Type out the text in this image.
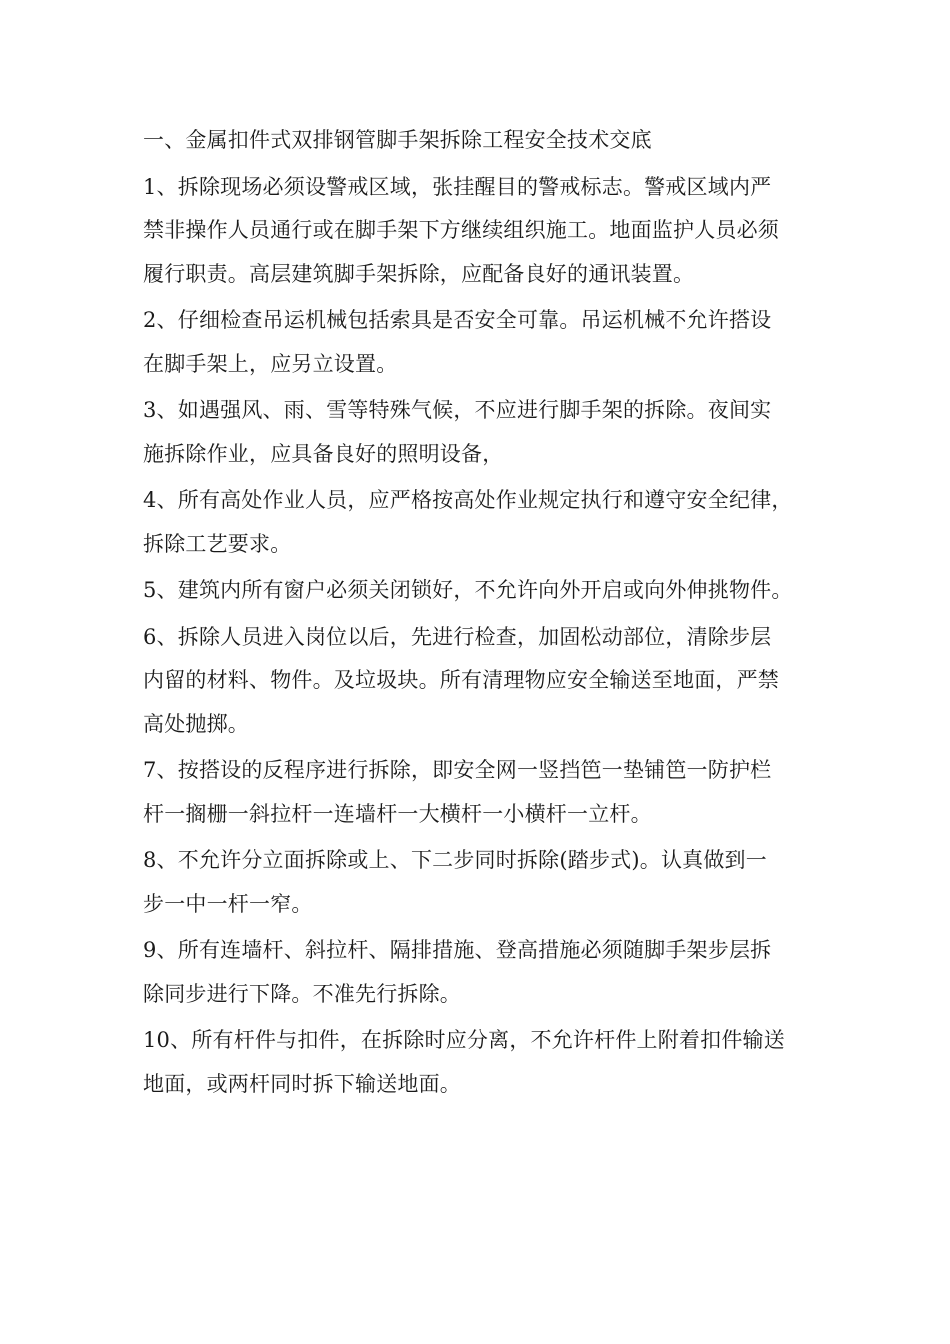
一、金属扣件式双排钢管脚手架拆除工程安全技术交底
1、拆除现场必须设警戒区域，张挂醒目的警戒标志。警戒区域内严
禁非操作人员通行或在脚手架下方继续组织施工。地面监护人员必须
履行职责。高层建筑脚手架拆除，应配备良好的通讯装置。
2、仔细检查吊运机械包括索具是否安全可靠。吊运机械不允许搭设
在脚手架上，应另立设置。
3、如遇强风、雨、雪等特殊气候，不应进行脚手架的拆除。夜间实
施拆除作业，应具备良好的照明设备，
4、所有高处作业人员，应严格按高处作业规定执行和遵守安全纪律，
拆除工艺要求。
5、建筑内所有窗户必须关闭锁好，不允许向外开启或向外伸挑物件。
6、拆除人员进入岗位以后，先进行检查，加固松动部位，清除步层
内留的材料、物件。及垃圾块。所有清理物应安全输送至地面，严禁
高处抛掷。
7、按搭设的反程序进行拆除，即安全网一竖挡笆一垫铺笆一防护栏
杆一搁栅一斜拉杆一连墙杆一大横杆一小横杆一立杆。
8、不允许分立面拆除或上、下二步同时拆除(踏步式)。认真做到一
步一中一杆一窄。
9、所有连墙杆、斜拉杆、隔排措施、登高措施必须随脚手架步层拆
除同步进行下降。不准先行拆除。
10、所有杆件与扣件，在拆除时应分离，不允许杆件上附着扣件输送
地面，或两杆同时拆下输送地面。
